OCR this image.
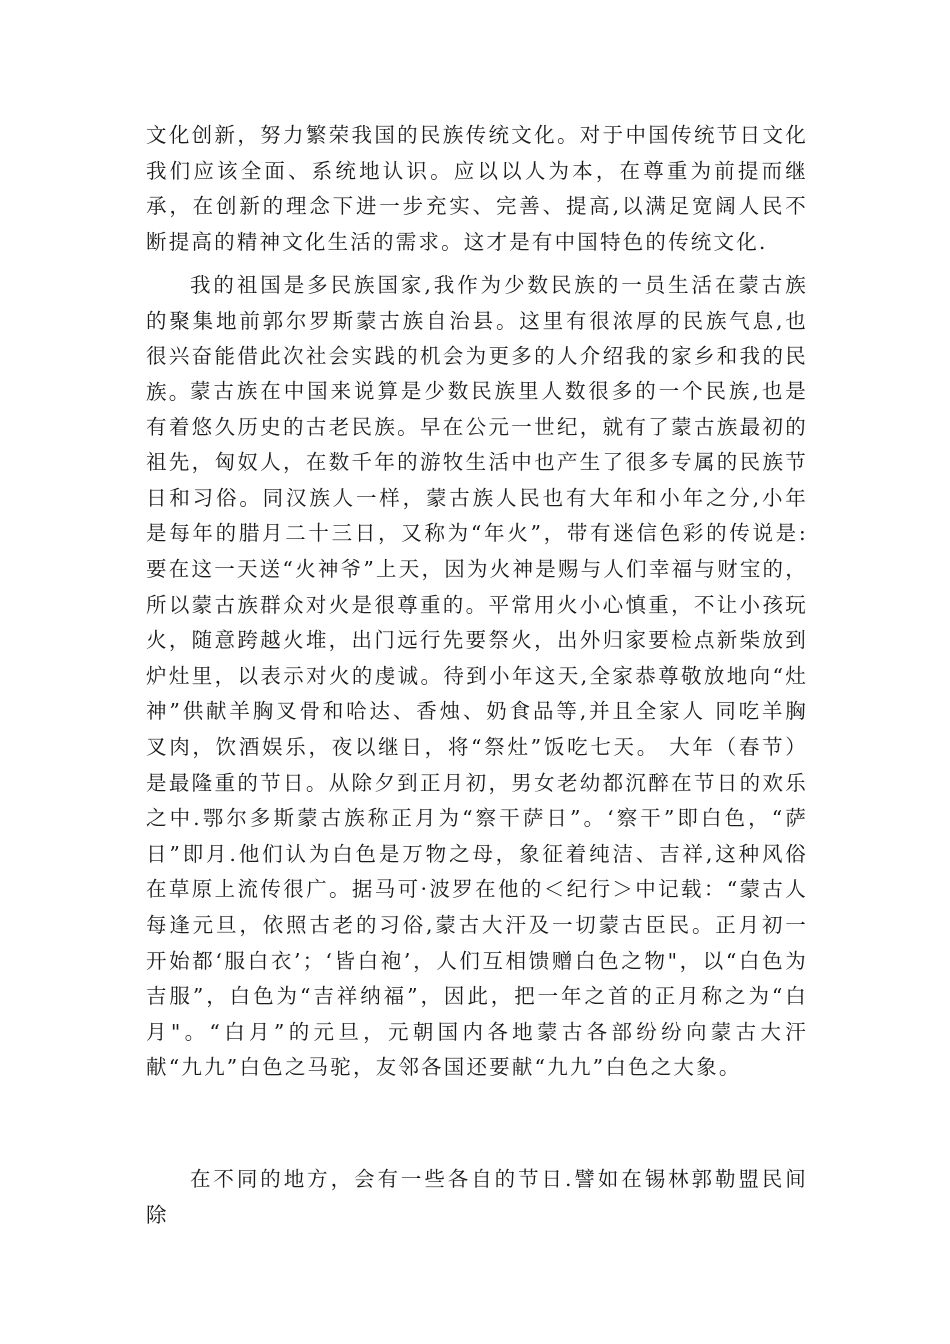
文化创新，努力繁荣我国的民族传统文化。对于中国传统节日文化我们应该全面、系统地认识。应以以人为本，在尊重为前提而继承，在创新的理念下进一步充实、完善、提高,以满足宽阔人民不断提高的精神文化生活的需求。这才是有中国特色的传统文化.

我的祖国是多民族国家,我作为少数民族的一员生活在蒙古族的聚集地前郭尔罗斯蒙古族自治县。这里有很浓厚的民族气息,也很兴奋能借此次社会实践的机会为更多的人介绍我的家乡和我的民族。

蒙古族在中国来说算是少数民族里人数很多的一个民族,也是有着悠久历史的古老民族。早在公元一世纪，就有了蒙古族最初的祖先，匈奴人，在数千年的游牧生活中也产生了很多专属的民族节日和习俗。同汉族人一样，蒙古族人民也有大年和小年之分,小年是每年的腊月二十三日，又称为“年火”，带有迷信色彩的传说是:要在这一天送“火神爷”上天，因为火神是赐与人们幸福与财宝的，所以蒙古族群众对火是很尊重的。平常用火小心慎重，不让小孩玩火，随意跨越火堆，出门远行先要祭火，出外归家要检点新柴放到炉灶里，以表示对火的虔诚。待到小年这天,全家恭尊敬放地向“灶神”供献羊胸叉骨和哈达、香烛、奶食品等,并且全家人 同吃羊胸叉肉，饮酒娱乐，夜以继日，将“祭灶”饭吃七天。 大年（春节）是最隆重的节日。从除夕到正月初，男女老幼都沉醉在节日的欢乐之中.鄂尔多斯蒙古族称正月为“察干萨日”。‘察干”即白色，“萨日”即月.他们认为白色是万物之母，象征着纯洁、吉祥,这种风俗在草原上流传很广。据马可·波罗在他的＜纪行＞中记载：“蒙古人每逢元旦，依照古老的习俗,蒙古大汗及一切蒙古臣民。正月初一开始都‘服白衣’；‘皆白袍’，人们互相馈赠白色之物"，以“白色为吉服”，白色为“吉祥纳福”，因此，把一年之首的正月称之为“白月"。“白月”的元旦，元朝国内各地蒙古各部纷纷向蒙古大汗献“九九”白色之马驼，友邻各国还要献“九九”白色之大象。

在不同的地方，会有一些各自的节日.譬如在锡林郭勒盟民间除
